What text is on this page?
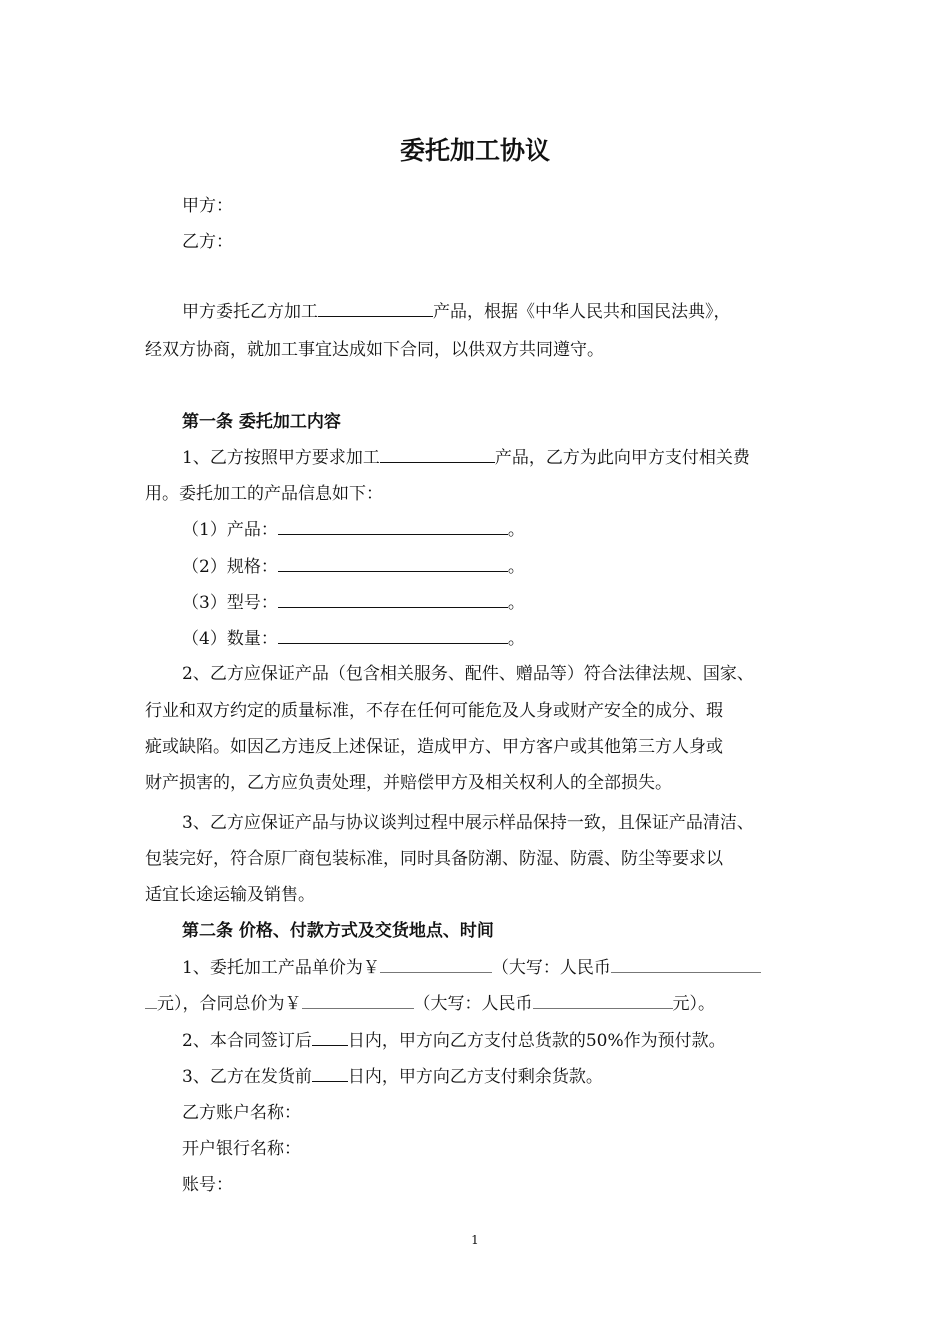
委托加工协议
甲方：
乙方：
甲方委托乙方加工	产品，根据《中华人民共和国民法典》，
经双方协商，就加工事宜达成如下合同，以供双方共同遵守。
第一条 委托加工内容
1、乙方按照甲方要求加工	产品，乙方为此向甲方支付相关费
用。委托加工的产品信息如下：
（1）产品：	。
（2）规格：	。
（3）型号：	。
（4）数量：	。
2、乙方应保证产品（包含相关服务、配件、赠品等）符合法律法规、国家、
行业和双方约定的质量标准，不存在任何可能危及人身或财产安全的成分、瑕
疵或缺陷。如因乙方违反上述保证，造成甲方、甲方客户或其他第三方人身或
财产损害的，乙方应负责处理，并赔偿甲方及相关权利人的全部损失。
3、乙方应保证产品与协议谈判过程中展示样品保持一致，且保证产品清洁、
包装完好，符合原厂商包装标准，同时具备防潮、防湿、防震、防尘等要求以
适宜长途运输及销售。
第二条 价格、付款方式及交货地点、时间
1、委托加工产品单价为￥	（大写：人民币
元），合同总价为￥	（大写：人民币	元）。
2、本合同签订后 日内，甲方向乙方支付总货款的50%作为预付款。
3、乙方在发货前 日内，甲方向乙方支付剩余货款。
乙方账户名称：
开户银行名称：
账号：
1
